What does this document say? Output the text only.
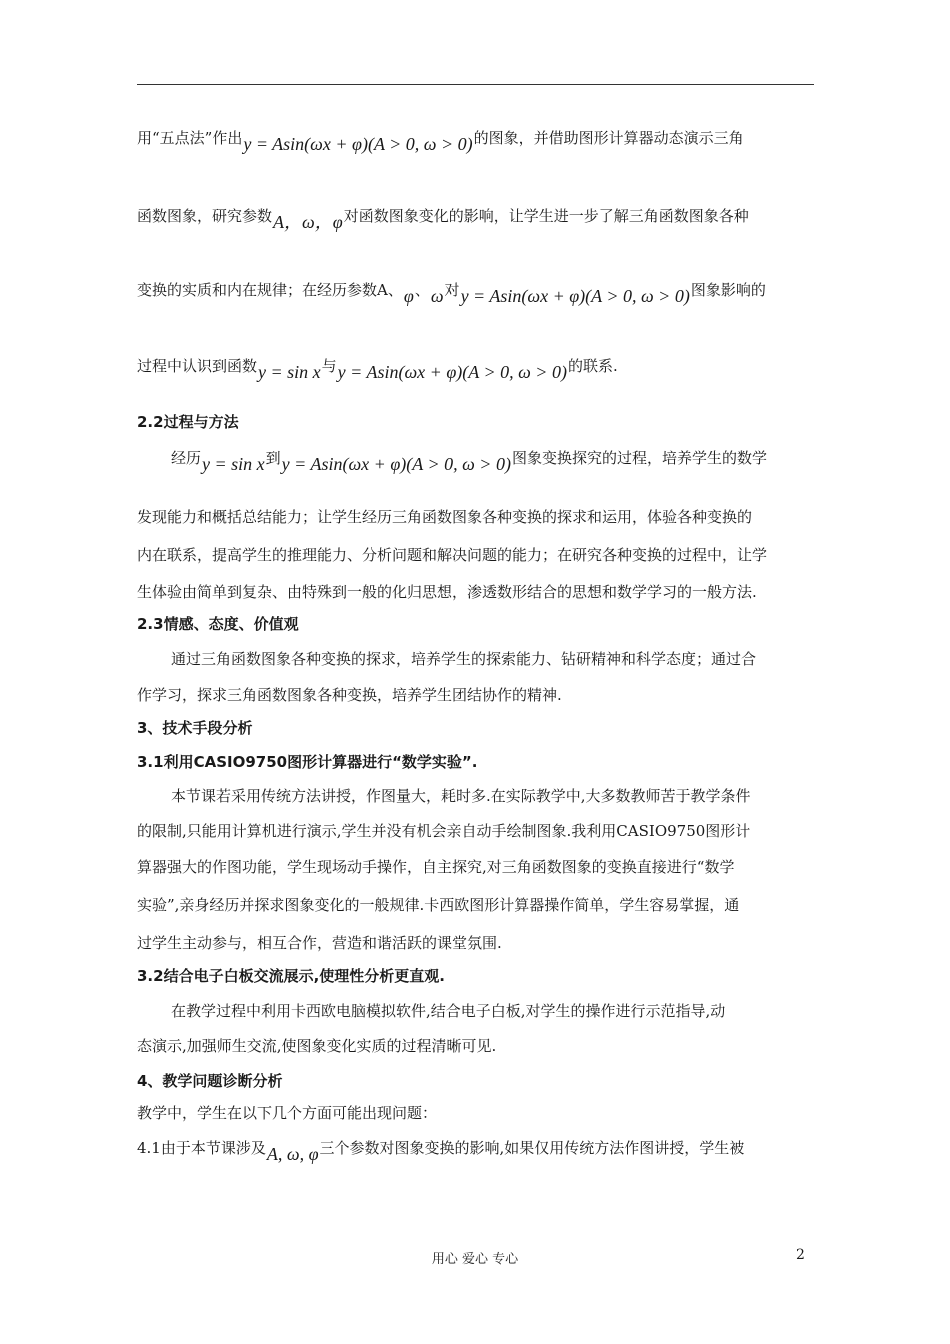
用“五点法”作出y = Asin(ωx + φ)(A > 0, ω > 0)的图象，并借助图形计算器动态演示三角
函数图象，研究参数A，ω，φ对函数图象变化的影响，让学生进一步了解三角函数图象各种
变换的实质和内在规律；在经历参数A、φ、ω对y = Asin(ωx + φ)(A > 0, ω > 0)图象影响的
过程中认识到函数y = sin x与y = Asin(ωx + φ)(A > 0, ω > 0)的联系.
2.2过程与方法
经历y = sin x到y = Asin(ωx + φ)(A > 0, ω > 0)图象变换探究的过程，培养学生的数学
发现能力和概括总结能力；让学生经历三角函数图象各种变换的探求和运用，体验各种变换的
内在联系，提高学生的推理能力、分析问题和解决问题的能力；在研究各种变换的过程中，让学
生体验由简单到复杂、由特殊到一般的化归思想，渗透数形结合的思想和数学学习的一般方法.
2.3情感、态度、价值观
通过三角函数图象各种变换的探求，培养学生的探索能力、钻研精神和科学态度；通过合
作学习，探求三角函数图象各种变换，培养学生团结协作的精神.
3、技术手段分析
3.1利用CASIO9750图形计算器进行“数学实验”.
本节课若采用传统方法讲授，作图量大，耗时多.在实际教学中,大多数教师苦于教学条件
的限制,只能用计算机进行演示,学生并没有机会亲自动手绘制图象.我利用CASIO9750图形计
算器强大的作图功能，学生现场动手操作，自主探究,对三角函数图象的变换直接进行“数学
实验”,亲身经历并探求图象变化的一般规律.卡西欧图形计算器操作简单，学生容易掌握，通
过学生主动参与，相互合作，营造和谐活跃的课堂氛围.
3.2结合电子白板交流展示,使理性分析更直观.
在教学过程中利用卡西欧电脑模拟软件,结合电子白板,对学生的操作进行示范指导,动
态演示,加强师生交流,使图象变化实质的过程清晰可见.
4、教学问题诊断分析
教学中，学生在以下几个方面可能出现问题：
4.1由于本节课涉及A, ω, φ三个参数对图象变换的影响,如果仅用传统方法作图讲授，学生被
用心 爱心 专心	2
